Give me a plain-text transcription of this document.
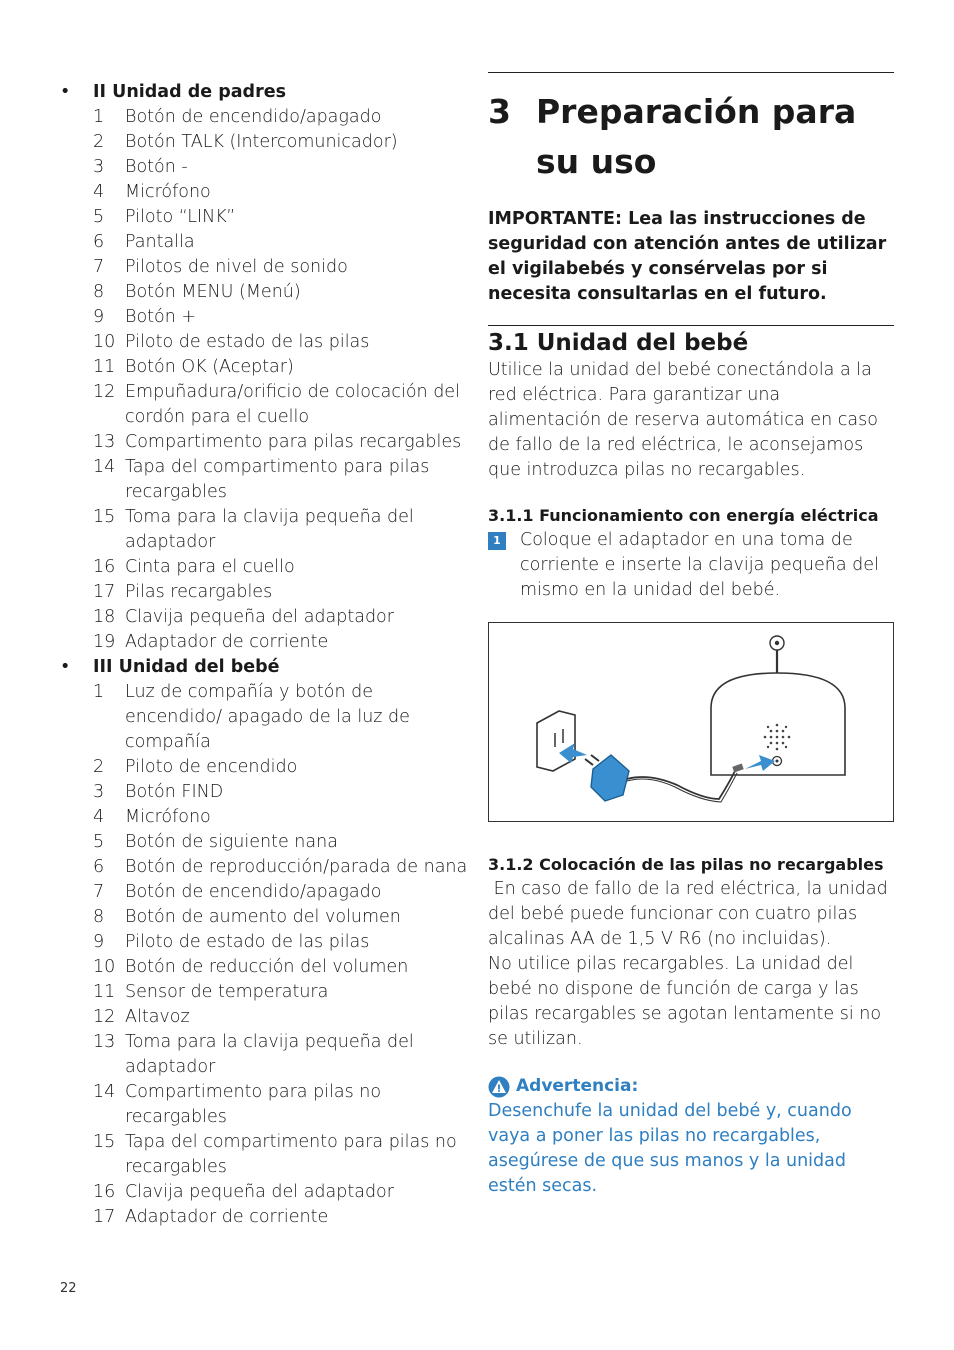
•	II Unidad de padres
1	Botón de encendido/apagado
2	Botón TALK (Intercomunicador)
3	Botón -
4	Micrófono
5	Piloto “LINK”
6	Pantalla
7	Pilotos de nivel de sonido
8	Botón MENU (Menú)
9	Botón +
10 Piloto de estado de las pilas
11 Botón OK (Aceptar)
12 Empuñadura/orificio de colocación del cordón para el cuello
13 Compartimento para pilas recargables
14 Tapa del compartimento para pilas recargables
15 Toma para la clavija pequeña del adaptador
16 Cinta para el cuello
17 Pilas recargables
18 Clavija pequeña del adaptador
19 Adaptador de corriente
•	III Unidad del bebé
1	Luz de compañía y botón de encendido/ apagado de la luz de compañía
2	Piloto de encendido
3	Botón FIND
4	Micrófono
5	Botón de siguiente nana
6	Botón de reproducción/parada de nana
7	Botón de encendido/apagado
8	Botón de aumento del volumen
9	Piloto de estado de las pilas
10 Botón de reducción del volumen
11 Sensor de temperatura
12 Altavoz
13 Toma para la clavija pequeña del adaptador
14 Compartimento para pilas no recargables
15 Tapa del compartimento para pilas no recargables
16 Clavija pequeña del adaptador
17 Adaptador de corriente
3 Preparación para
su uso
IMPORTANTE: Lea las instrucciones de seguridad con atención antes de utilizar el vigilabebés y consérvelas por si necesita consultarlas en el futuro.
3.1 Unidad del bebé
Utilice la unidad del bebé conectándola a la red eléctrica. Para garantizar una alimentación de reserva automática en caso de fallo de la red eléctrica, le aconsejamos que introduzca pilas no recargables.
3.1.1 Funcionamiento con energía eléctrica
1 Coloque el adaptador en una toma de corriente e inserte la clavija pequeña del mismo en la unidad del bebé.
3.1.2 Colocación de las pilas no recargables
En caso de fallo de la red eléctrica, la unidad del bebé puede funcionar con cuatro pilas alcalinas AA de 1,5 V R6 (no incluidas).
No utilice pilas recargables. La unidad del bebé no dispone de función de carga y las pilas recargables se agotan lentamente si no se utilizan.
Advertencia:
Desenchufe la unidad del bebé y, cuando vaya a poner las pilas no recargables, asegúrese de que sus manos y la unidad estén secas.
22
